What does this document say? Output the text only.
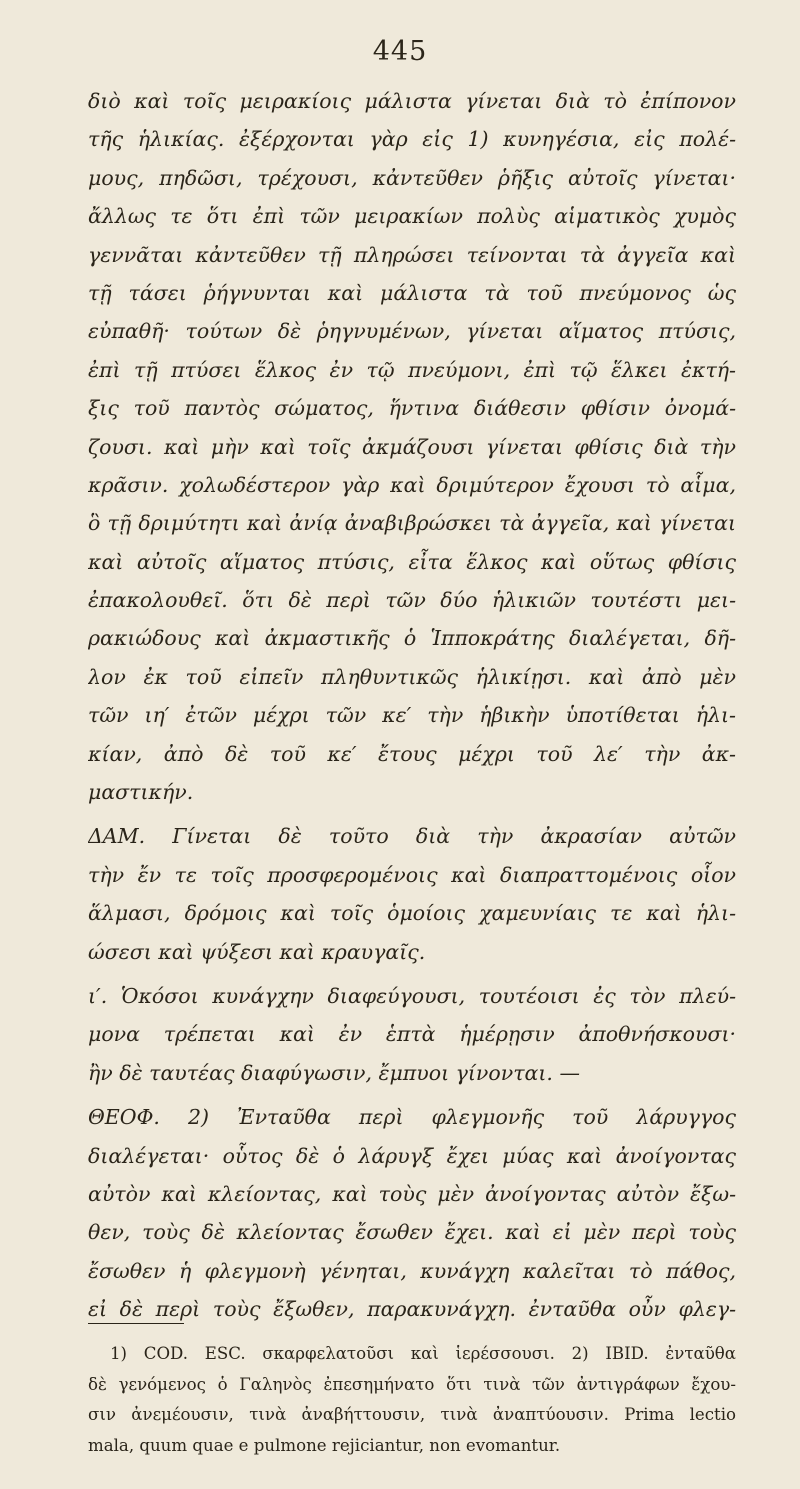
445
διὸ καὶ τοῖς μειρακίοις μάλιστα γίνεται διὰ τὸ ἐπίπονον
τῆς ἡλικίας. ἐξέρχονται γὰρ εἰς 1) κυνηγέσια, εἰς πολέ-
μους, πηδῶσι, τρέχουσι, κἀντεῦθεν ῥῆξις αὐτοῖς γίνεται·
ἄλλως τε ὅτι ἐπὶ τῶν μειρακίων πολὺς αἱματικὸς χυμὸς
γεννᾶται κἀντεῦθεν τῇ πληρώσει τείνονται τὰ ἀγγεῖα καὶ
τῇ τάσει ῥήγνυνται καὶ μάλιστα τὰ τοῦ πνεύμονος ὡς
εὐπαθῆ· τούτων δὲ ῥηγνυμένων, γίνεται αἵματος πτύσις,
ἐπὶ τῇ πτύσει ἕλκος ἐν τῷ πνεύμονι, ἐπὶ τῷ ἕλκει ἐκτή-
ξις τοῦ παντὸς σώματος, ἥντινα διάθεσιν φθίσιν ὀνομά-
ζουσι. καὶ μὴν καὶ τοῖς ἀκμάζουσι γίνεται φθίσις διὰ τὴν
κρᾶσιν. χολωδέστερον γὰρ καὶ δριμύτερον ἔχουσι τὸ αἷμα,
ὃ τῇ δριμύτητι καὶ ἀνίᾳ ἀναβιβρώσκει τὰ ἀγγεῖα, καὶ γίνεται
καὶ αὐτοῖς αἵματος πτύσις, εἶτα ἕλκος καὶ οὕτως φθίσις
ἐπακολουθεῖ. ὅτι δὲ περὶ τῶν δύο ἡλικιῶν τουτέστι μει-
ρακιώδους καὶ ἀκμαστικῆς ὁ Ἱπποκράτης διαλέγεται, δῆ-
λον ἐκ τοῦ εἰπεῖν πληθυντικῶς ἡλικίῃσι. καὶ ἀπὸ μὲν
τῶν ιη′ ἐτῶν μέχρι τῶν κε′ τὴν ἡβικὴν ὑποτίθεται ἡλι-
κίαν, ἀπὸ δὲ τοῦ κε′ ἔτους μέχρι τοῦ λε′ τὴν ἀκ-
μαστικήν.
ΔΑΜ. Γίνεται δὲ τοῦτο διὰ τὴν ἀκρασίαν αὐτῶν
τὴν ἔν τε τοῖς προσφερομένοις καὶ διαπραττομένοις οἷον
ἅλμασι, δρόμοις καὶ τοῖς ὁμοίοις χαμευνίαις τε καὶ ἡλι-
ώσεσι καὶ ψύξεσι καὶ κραυγαῖς.
ι′. Ὁκόσοι κυνάγχην διαφεύγουσι, τουτέοισι ἐς τὸν πλεύ-
μονα τρέπεται καὶ ἐν ἑπτὰ ἡμέρῃσιν ἀποθνήσκουσι·
ἢν δὲ ταυτέας διαφύγωσιν, ἔμπυοι γίνονται. —
ΘΕΟΦ. 2) Ἐνταῦθα περὶ φλεγμονῆς τοῦ λάρυγγος
διαλέγεται· οὗτος δὲ ὁ λάρυγξ ἔχει μύας καὶ ἀνοίγοντας
αὐτὸν καὶ κλείοντας, καὶ τοὺς μὲν ἀνοίγοντας αὐτὸν ἔξω-
θεν, τοὺς δὲ κλείοντας ἔσωθεν ἔχει. καὶ εἰ μὲν περὶ τοὺς
ἔσωθεν ἡ φλεγμονὴ γένηται, κυνάγχη καλεῖται τὸ πάθος,
εἰ δὲ περὶ τοὺς ἔξωθεν, παρακυνάγχη. ἐνταῦθα οὖν φλεγ-
1) COD. ESC. σκαρφελατοῦσι καὶ ἱερέσσουσι. 2) IBID. ἐνταῦθα
δὲ γενόμενος ὁ Γαληνὸς ἐπεσημήνατο ὅτι τινὰ τῶν ἀντιγράφων ἔχου-
σιν ἀνεμέουσιν, τινὰ ἀναβήττουσιν, τινὰ ἀναπτύουσιν. Prima lectio
mala, quum quae e pulmone rejiciantur, non evomantur.
